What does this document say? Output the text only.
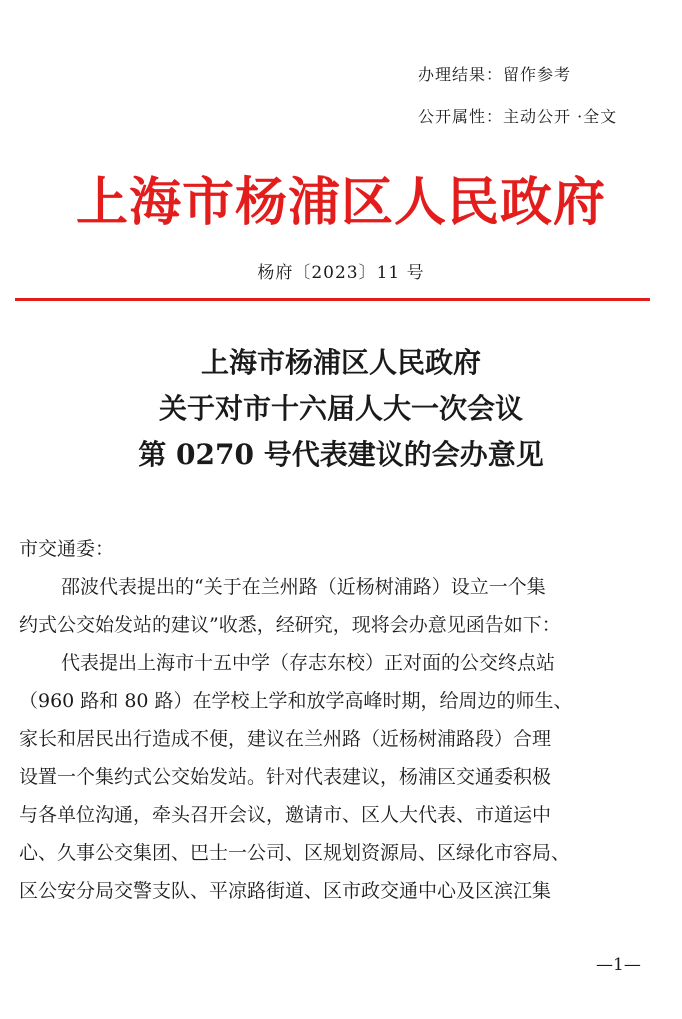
办理结果：留作参考
公开属性：主动公开 ·全文
上海市杨浦区人民政府
杨府〔2023〕11 号
上海市杨浦区人民政府
关于对市十六届人大一次会议
第 0270 号代表建议的会办意见

市交通委：

邵波代表提出的“关于在兰州路（近杨树浦路）设立一个集
约式公交始发站的建议”收悉，经研究，现将会办意见函告如下：

代表提出上海市十五中学（存志东校）正对面的公交终点站
（960 路和 80 路）在学校上学和放学高峰时期，给周边的师生、
家长和居民出行造成不便，建议在兰州路（近杨树浦路段）合理
设置一个集约式公交始发站。针对代表建议，杨浦区交通委积极
与各单位沟通，牵头召开会议，邀请市、区人大代表、市道运中
心、久事公交集团、巴士一公司、区规划资源局、区绿化市容局、
区公安分局交警支队、平凉路街道、区市政交通中心及区滨江集

—1—
